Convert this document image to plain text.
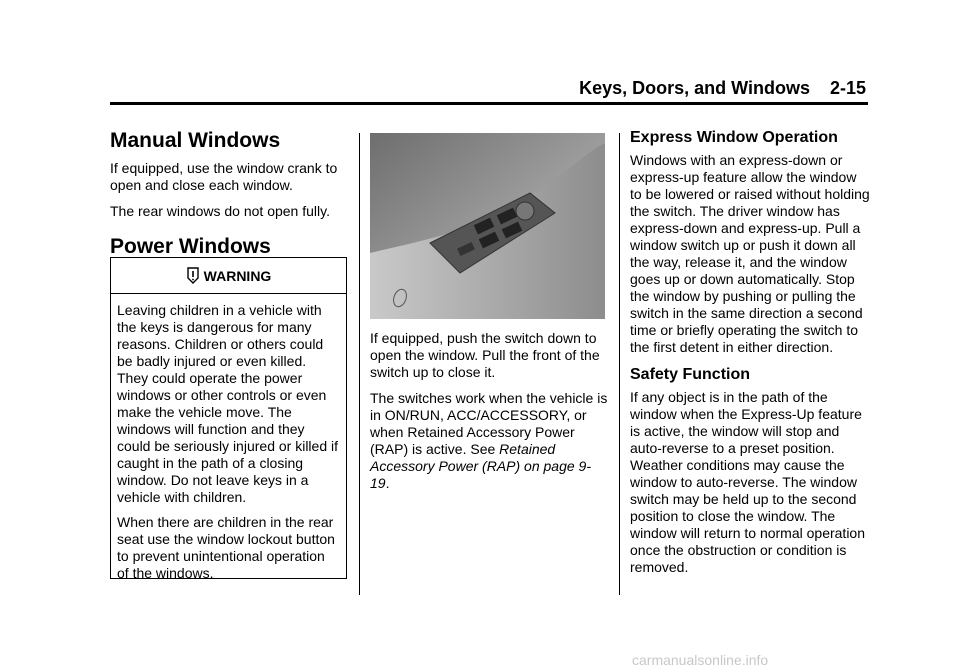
Keys, Doors, and Windows 2-15
Manual Windows

If equipped, use the window crank to open and close each window.

The rear windows do not open fully.

Power Windows
WARNING

Leaving children in a vehicle with the keys is dangerous for many reasons. Children or others could be badly injured or even killed. They could operate the power windows or other controls or even make the vehicle move. The windows will function and they could be seriously injured or killed if caught in the path of a closing window. Do not leave keys in a vehicle with children.

When there are children in the rear seat use the window lockout button to prevent unintentional operation of the windows.

If equipped, push the switch down to open the window. Pull the front of the switch up to close it.

The switches work when the vehicle is in ON/RUN, ACC/ACCESSORY, or when Retained Accessory Power (RAP) is active. See Retained Accessory Power (RAP) on page 9-19.

Express Window Operation

Windows with an express-down or express-up feature allow the window to be lowered or raised without holding the switch. The driver window has express-down and express-up. Pull a window switch up or push it down all the way, release it, and the window goes up or down automatically. Stop the window by pushing or pulling the switch in the same direction a second time or briefly operating the switch to the first detent in either direction.

Safety Function

If any object is in the path of the window when the Express-Up feature is active, the window will stop and auto-reverse to a preset position. Weather conditions may cause the window to auto-reverse. The window switch may be held up to the second position to close the window. The window will return to normal operation once the obstruction or condition is removed.

carmanualsonline.info
